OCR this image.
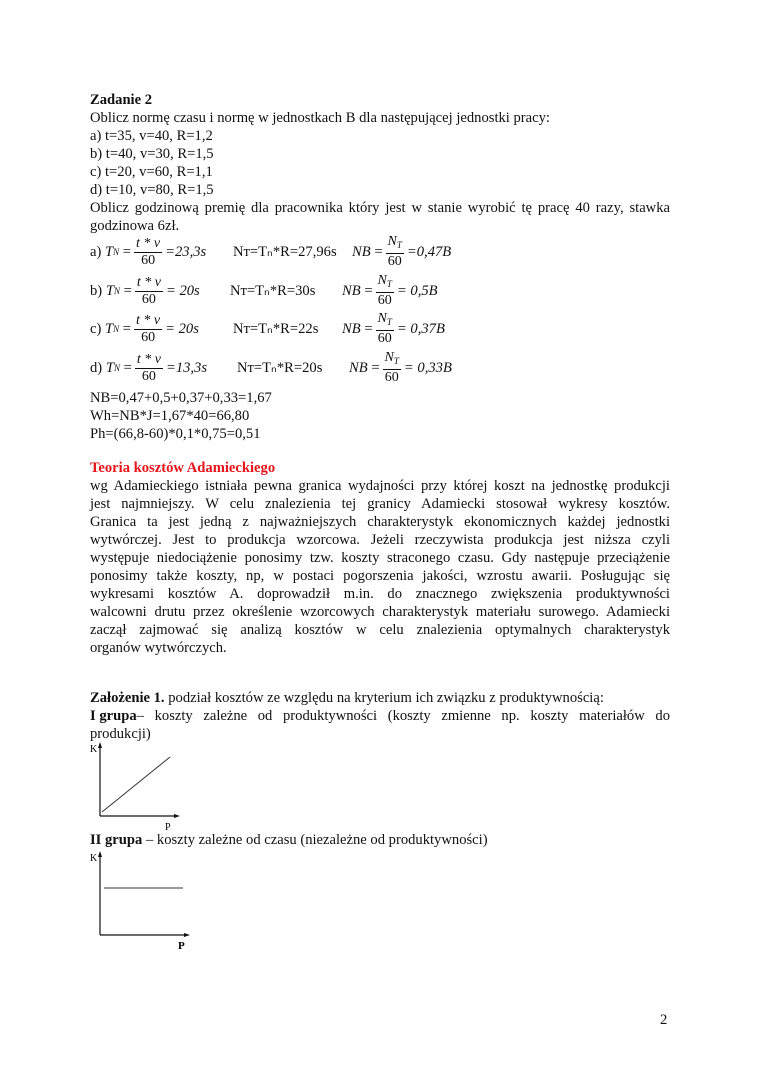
Zadanie 2
Oblicz normę czasu i normę w jednostkach B dla następującej jednostki pracy:
a) t=35, v=40, R=1,2
b) t=40, v=30, R=1,5
c) t=20, v=60, R=1,1
d) t=10, v=80, R=1,5
Oblicz godzinową premię dla pracownika który jest w stanie wyrobić tę pracę 40 razy, stawka
godzinowa 6zł.
a)
T N
= $\frac{t * v}{60} =23,3s$ Nᴛ=Tₙ*R=27,96s NB
= $\frac{N_T}{60} =0,47B$
b)
T N
= $\frac{t * v}{60} = 20s$ Nᴛ=Tₙ*R=30s NB
= $\frac{N_T}{60} = 0,5B$
c)
T N
= $\frac{t * v}{60} = 20s$ Nᴛ=Tₙ*R=22s NB
= $\frac{N_T}{60} = 0,37B$
d)
T N
= $\frac{t * v}{60} =13,3s$ Nᴛ=Tₙ*R=20s NB
= $\frac{N_T}{60} = 0,33B$
NB=0,47+0,5+0,37+0,33=1,67
Wh=NB*J=1,67*40=66,80
Ph=(66,8-60)*0,1*0,75=0,51
Teoria kosztów Adamieckiego
wg Adamieckiego istniała pewna granica wydajności przy której koszt na jednostkę produkcji
jest najmniejszy. W celu znalezienia tej granicy Adamiecki stosował wykresy kosztów.
Granica ta jest jedną z najważniejszych charakterystyk ekonomicznych każdej jednostki
wytwórczej. Jest to produkcja wzorcowa. Jeżeli rzeczywista produkcja jest niższa czyli
występuje niedociążenie ponosimy tzw. koszty straconego czasu. Gdy następuje przeciążenie
ponosimy także koszty, np, w postaci pogorszenia jakości, wzrostu awarii. Posługując się
wykresami kosztów A. doprowadził m.in. do znacznego zwiększenia produktywności
walcowni drutu przez określenie wzorcowych charakterystyk materiału surowego. Adamiecki
zaczął zajmować się analizą kosztów w celu znalezienia optymalnych charakterystyk
organów wytwórczych.
Założenie 1. podział kosztów ze względu na kryterium ich związku z produktywnością:
I grupa – koszty zależne od produktywności (koszty zmienne np. koszty materiałów do
produkcji)
K
P
II grupa – koszty zależne od czasu (niezależne od produktywności)
K
P
2
